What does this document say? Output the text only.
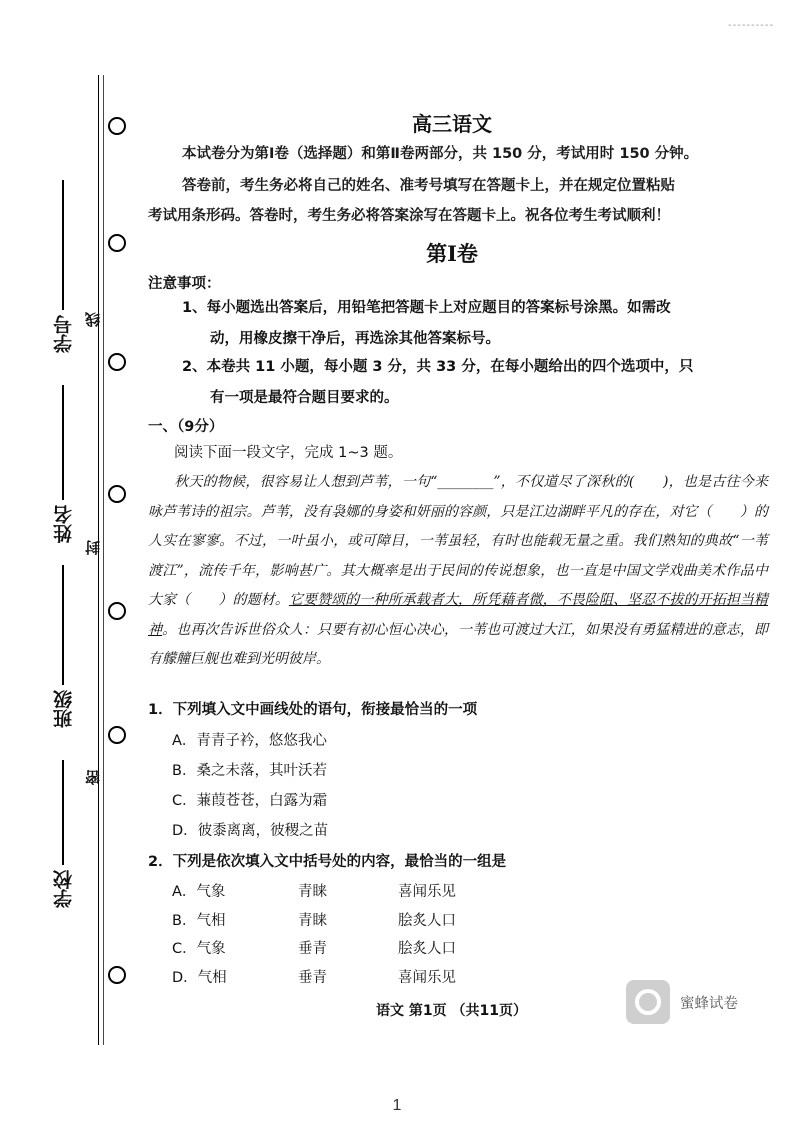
----------
学号
姓名
班级
学校
线
封
密
高三语文
本试卷分为第Ⅰ卷（选择题）和第Ⅱ卷两部分，共 150 分，考试用时 150 分钟。
答卷前，考生务必将自己的姓名、准考号填写在答题卡上，并在规定位置粘贴
考试用条形码。答卷时，考生务必将答案涂写在答题卡上。祝各位考生考试顺利！
第Ⅰ卷
注意事项：
1、每小题选出答案后，用铅笔把答题卡上对应题目的答案标号涂黑。如需改
动，用橡皮擦干净后，再选涂其他答案标号。
2、本卷共 11 小题，每小题 3 分，共 33 分，在每小题给出的四个选项中，只
有一项是最符合题目要求的。
一、（9分）
阅读下面一段文字，完成 1~3 题。
秋天的物候，很容易让人想到芦苇，一句“________”，不仅道尽了深秋的(　　)，也是古往今来咏芦苇诗的祖宗。芦苇，没有袅娜的身姿和妍丽的容颜，只是江边湖畔平凡的存在，对它（　　）的人实在寥寥。不过，一叶虽小，或可障目，一苇虽轻，有时也能载无量之重。我们熟知的典故“一苇渡江”，流传千年，影响甚广。其大概率是出于民间的传说想象，也一直是中国文学戏曲美术作品中大家（　　）的题材。它要赞颂的一种所承载者大，所凭藉者微，不畏险阻、坚忍不拔的开拓担当精神。也再次告诉世俗众人：只要有初心恒心决心，一苇也可渡过大江，如果没有勇猛精进的意志，即有艨艟巨舰也难到光明彼岸。
1．下列填入文中画线处的语句，衔接最恰当的一项
A．青青子衿，悠悠我心
B．桑之未落，其叶沃若
C．蒹葭苍苍，白露为霜
D．彼黍离离，彼稷之苗
2．下列是依次填入文中括号处的内容，最恰当的一组是
A．气象	青睐	喜闻乐见
B．气相	青睐	脍炙人口
C．气象	垂青	脍炙人口
D．气相	垂青	喜闻乐见
语文 第1页 （共11页）	蜜蜂试卷
1
